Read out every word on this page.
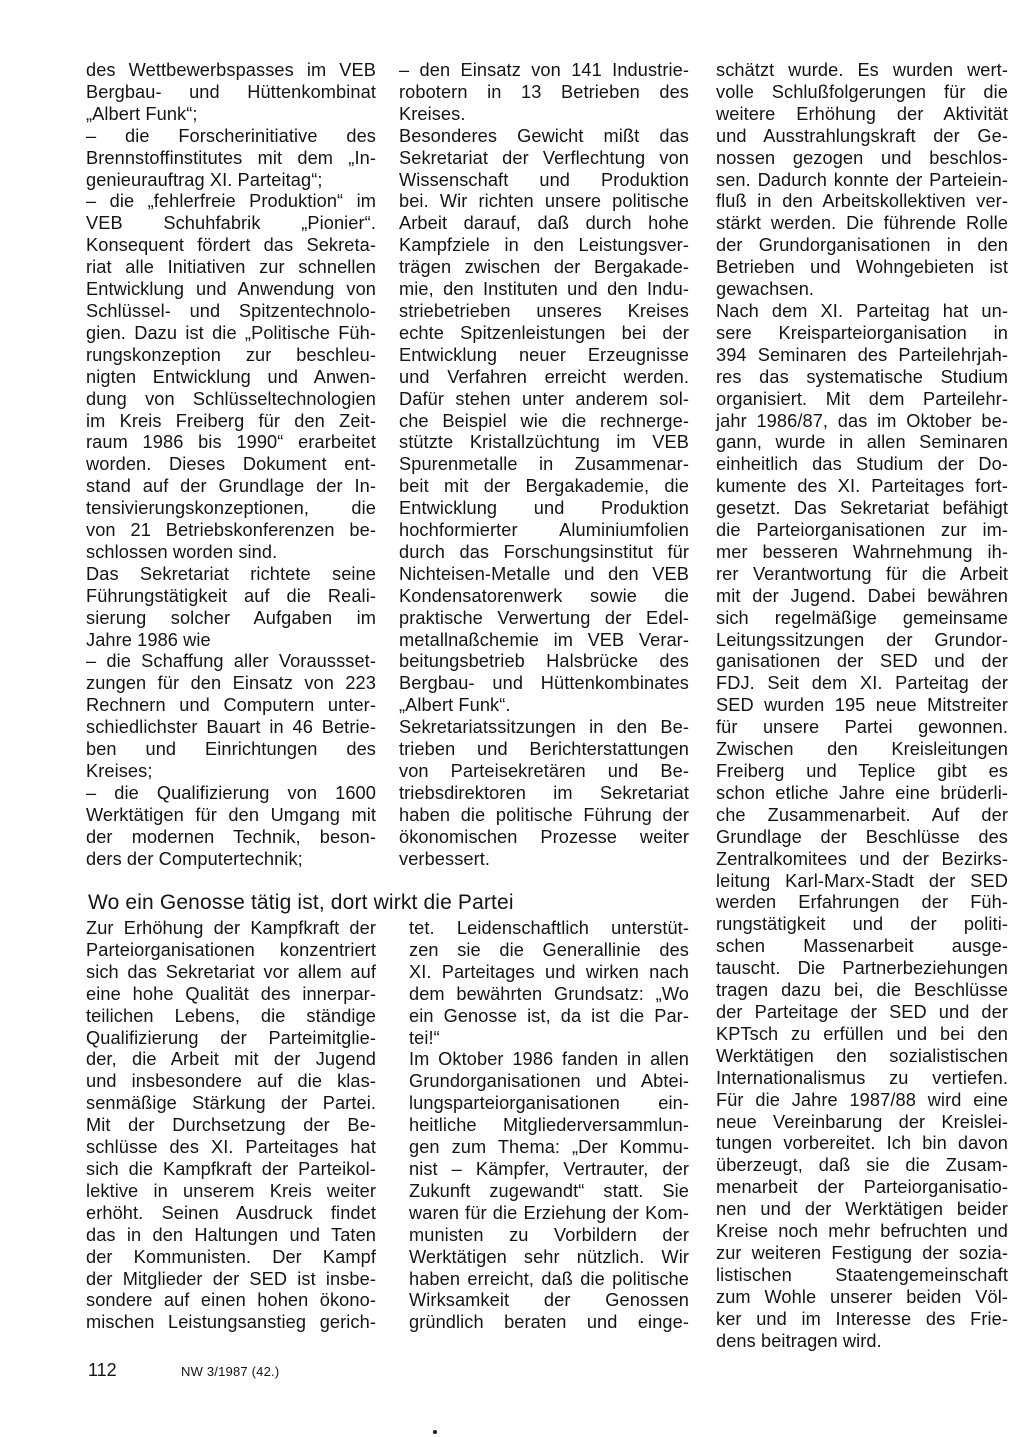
des Wettbewerbspasses im VEB
Bergbau- und Hüttenkombinat
„Albert Funk“;
– die Forscherinitiative des
Brennstoffinstitutes mit dem „In-
genieurauftrag XI. Parteitag“;
– die „fehlerfreie Produktion“ im
VEB Schuhfabrik „Pionier“.
Konsequent fördert das Sekreta-
riat alle Initiativen zur schnellen
Entwicklung und Anwendung von
Schlüssel- und Spitzentechnolo-
gien. Dazu ist die „Politische Füh-
rungskonzeption zur beschleu-
nigten Entwicklung und Anwen-
dung von Schlüsseltechnologien
im Kreis Freiberg für den Zeit-
raum 1986 bis 1990“ erarbeitet
worden. Dieses Dokument ent-
stand auf der Grundlage der In-
tensivierungskonzeptionen, die
von 21 Betriebskonferenzen be-
schlossen worden sind.
Das Sekretariat richtete seine
Führungstätigkeit auf die Reali-
sierung solcher Aufgaben im
Jahre 1986 wie
– die Schaffung aller Voraussset-
zungen für den Einsatz von 223
Rechnern und Computern unter-
schiedlichster Bauart in 46 Betrie-
ben und Einrichtungen des
Kreises;
– die Qualifizierung von 1600
Werktätigen für den Umgang mit
der modernen Technik, beson-
ders der Computertechnik;
– den Einsatz von 141 Industrie-
robotern in 13 Betrieben des
Kreises.
Besonderes Gewicht mißt das
Sekretariat der Verflechtung von
Wissenschaft und Produktion
bei. Wir richten unsere politische
Arbeit darauf, daß durch hohe
Kampfziele in den Leistungsver-
trägen zwischen der Bergakade-
mie, den Instituten und den Indu-
striebetrieben unseres Kreises
echte Spitzenleistungen bei der
Entwicklung neuer Erzeugnisse
und Verfahren erreicht werden.
Dafür stehen unter anderem sol-
che Beispiel wie die rechnerge-
stützte Kristallzüchtung im VEB
Spurenmetalle in Zusammenar-
beit mit der Bergakademie, die
Entwicklung und Produktion
hochformierter Aluminiumfolien
durch das Forschungsinstitut für
Nichteisen-Metalle und den VEB
Kondensatorenwerk sowie die
praktische Verwertung der Edel-
metallnaßchemie im VEB Verar-
beitungsbetrieb Halsbrücke des
Bergbau- und Hüttenkombinates
„Albert Funk“.
Sekretariatssitzungen in den Be-
trieben und Berichterstattungen
von Parteisekretären und Be-
triebsdirektoren im Sekretariat
haben die politische Führung der
ökonomischen Prozesse weiter
verbessert.
schätzt wurde. Es wurden wert-
volle Schlußfolgerungen für die
weitere Erhöhung der Aktivität
und Ausstrahlungskraft der Ge-
nossen gezogen und beschlos-
sen. Dadurch konnte der Parteiein-
fluß in den Arbeitskollektiven ver-
stärkt werden. Die führende Rolle
der Grundorganisationen in den
Betrieben und Wohngebieten ist
gewachsen.
Nach dem XI. Parteitag hat un-
sere Kreisparteiorganisation in
394 Seminaren des Parteilehrjah-
res das systematische Studium
organisiert. Mit dem Parteilehr-
jahr 1986/87, das im Oktober be-
gann, wurde in allen Seminaren
einheitlich das Studium der Do-
kumente des XI. Parteitages fort-
gesetzt. Das Sekretariat befähigt
die Parteiorganisationen zur im-
mer besseren Wahrnehmung ih-
rer Verantwortung für die Arbeit
mit der Jugend. Dabei bewähren
sich regelmäßige gemeinsame
Leitungssitzungen der Grundor-
ganisationen der SED und der
FDJ. Seit dem XI. Parteitag der
SED wurden 195 neue Mitstreiter
für unsere Partei gewonnen.
Zwischen den Kreisleitungen
Freiberg und Teplice gibt es
schon etliche Jahre eine brüderli-
che Zusammenarbeit. Auf der
Grundlage der Beschlüsse des
Zentralkomitees und der Bezirks-
leitung Karl-Marx-Stadt der SED
werden Erfahrungen der Füh-
rungstätigkeit und der politi-
schen Massenarbeit ausge-
tauscht. Die Partnerbeziehungen
tragen dazu bei, die Beschlüsse
der Parteitage der SED und der
KPTsch zu erfüllen und bei den
Werktätigen den sozialistischen
Internationalismus zu vertiefen.
Für die Jahre 1987/88 wird eine
neue Vereinbarung der Kreislei-
tungen vorbereitet. Ich bin davon
überzeugt, daß sie die Zusam-
menarbeit der Parteiorganisatio-
nen und der Werktätigen beider
Kreise noch mehr befruchten und
zur weiteren Festigung der sozia-
listischen Staatengemeinschaft
zum Wohle unserer beiden Völ-
ker und im Interesse des Frie-
dens beitragen wird.
Wo ein Genosse tätig ist, dort wirkt die Partei
Zur Erhöhung der Kampfkraft der
Parteiorganisationen konzentriert
sich das Sekretariat vor allem auf
eine hohe Qualität des innerpar-
teilichen Lebens, die ständige
Qualifizierung der Parteimitglie-
der, die Arbeit mit der Jugend
und insbesondere auf die klas-
senmäßige Stärkung der Partei.
Mit der Durchsetzung der Be-
schlüsse des XI. Parteitages hat
sich die Kampfkraft der Parteikol-
lektive in unserem Kreis weiter
erhöht. Seinen Ausdruck findet
das in den Haltungen und Taten
der Kommunisten. Der Kampf
der Mitglieder der SED ist insbe-
sondere auf einen hohen ökono-
mischen Leistungsanstieg gerich-
tet. Leidenschaftlich unterstüt-
zen sie die Generallinie des
XI. Parteitages und wirken nach
dem bewährten Grundsatz: „Wo
ein Genosse ist, da ist die Par-
tei!“
Im Oktober 1986 fanden in allen
Grundorganisationen und Abtei-
lungsparteiorganisationen ein-
heitliche Mitgliederversammlun-
gen zum Thema: „Der Kommu-
nist – Kämpfer, Vertrauter, der
Zukunft zugewandt“ statt. Sie
waren für die Erziehung der Kom-
munisten zu Vorbildern der
Werktätigen sehr nützlich. Wir
haben erreicht, daß die politische
Wirksamkeit der Genossen
gründlich beraten und einge-
112	NW 3/1987 (42.)
